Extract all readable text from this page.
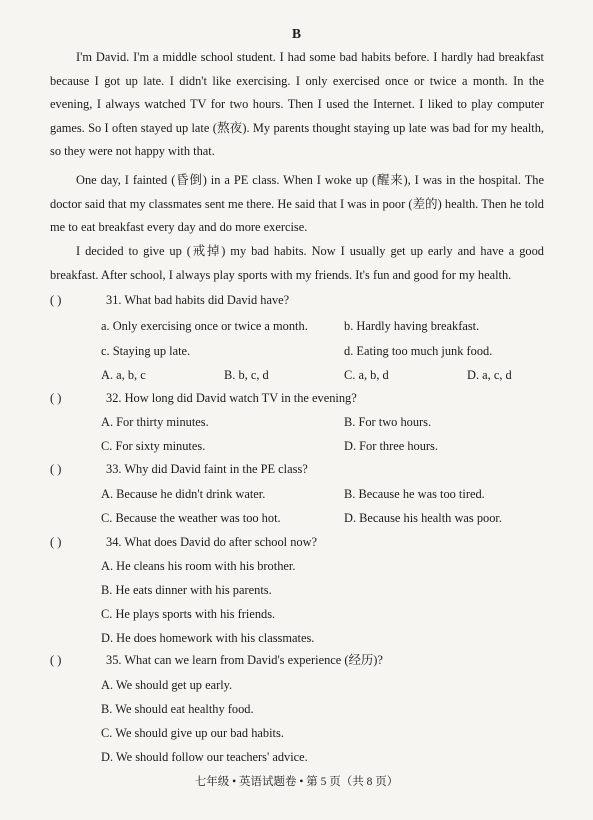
B

I'm David. I'm a middle school student. I had some bad habits before. I hardly had breakfast because I got up late. I didn't like exercising. I only exercised once or twice a month. In the evening, I always watched TV for two hours. Then I used the Internet. I liked to play computer games. So I often stayed up late (熬夜). My parents thought staying up late was bad for my health, so they were not happy with that.

One day, I fainted (昏倒) in a PE class. When I woke up (醒来), I was in the hospital. The doctor said that my classmates sent me there. He said that I was in poor (差的) health. Then he told me to eat breakfast every day and do more exercise.

I decided to give up (戒掉) my bad habits. Now I usually get up early and have a good breakfast. After school, I always play sports with my friends. It's fun and good for my health.

( )	31. What bad habits did David have?
a. Only exercising once or twice a month.	b. Hardly having breakfast.
c. Staying up late.	d. Eating too much junk food.
A. a, b, c	B. b, c, d	C. a, b, d	D. a, c, d
( )	32. How long did David watch TV in the evening?
A. For thirty minutes.	B. For two hours.
C. For sixty minutes.	D. For three hours.
( )	33. Why did David faint in the PE class?
A. Because he didn't drink water.	B. Because he was too tired.
C. Because the weather was too hot.	D. Because his health was poor.
( )	34. What does David do after school now?
A. He cleans his room with his brother.
B. He eats dinner with his parents.
C. He plays sports with his friends.
D. He does homework with his classmates.
( )	35. What can we learn from David's experience (经历)?
A. We should get up early.
B. We should eat healthy food.
C. We should give up our bad habits.
D. We should follow our teachers' advice.
七年级 • 英语试题卷 • 第 5 页（共 8 页）
